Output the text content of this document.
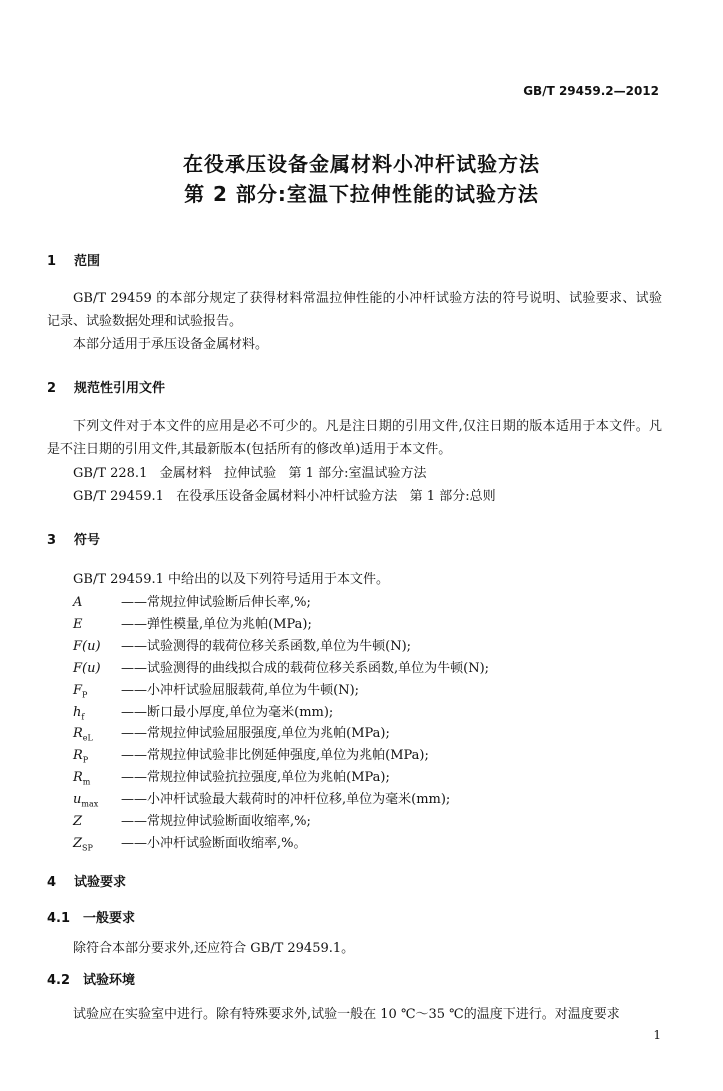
GB/T 29459.2—2012
在役承压设备金属材料小冲杆试验方法
第 2 部分:室温下拉伸性能的试验方法
1 范围
GB/T 29459 的本部分规定了获得材料常温拉伸性能的小冲杆试验方法的符号说明、试验要求、试验记录、试验数据处理和试验报告。
本部分适用于承压设备金属材料。
2 规范性引用文件
下列文件对于本文件的应用是必不可少的。凡是注日期的引用文件,仅注日期的版本适用于本文件。凡是不注日期的引用文件,其最新版本(包括所有的修改单)适用于本文件。
GB/T 228.1   金属材料   拉伸试验   第 1 部分:室温试验方法
GB/T 29459.1   在役承压设备金属材料小冲杆试验方法   第 1 部分:总则
3 符号
GB/T 29459.1 中给出的以及下列符号适用于本文件。
A	——常规拉伸试验断后伸长率,%;
E	——弹性模量,单位为兆帕(MPa);
F(u) ——试验测得的载荷位移关系函数,单位为牛顿(N);
F(u) ——试验测得的曲线拟合成的载荷位移关系函数,单位为牛顿(N);
$F_P$	——小冲杆试验屈服载荷,单位为牛顿(N);
$h_f$	——断口最小厚度,单位为毫米(mm);
$R_{eL}$ ——常规拉伸试验屈服强度,单位为兆帕(MPa);
$R_P$	——常规拉伸试验非比例延伸强度,单位为兆帕(MPa);
$R_m$ ——常规拉伸试验抗拉强度,单位为兆帕(MPa);
$u_{max}$ ——小冲杆试验最大载荷时的冲杆位移,单位为毫米(mm);
Z	——常规拉伸试验断面收缩率,%;
$Z_{SP}$ ——小冲杆试验断面收缩率,%。
4 试验要求
4.1 一般要求
除符合本部分要求外,还应符合 GB/T 29459.1。
4.2 试验环境
试验应在实验室中进行。除有特殊要求外,试验一般在 10 ℃～35 ℃的温度下进行。对温度要求
1
